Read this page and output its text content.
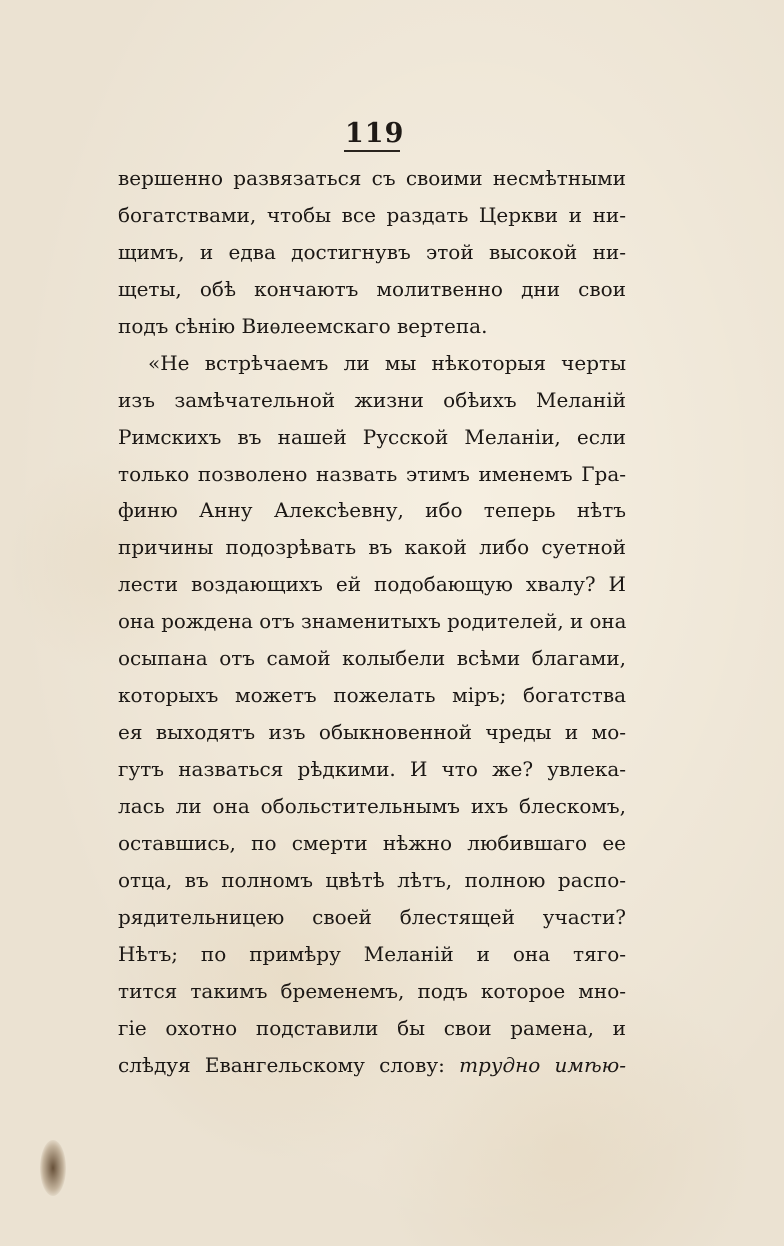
119
вершенно развязаться съ своими несмѣтными
богатствами, чтобы все раздать Церкви и ни-
щимъ, и едва достигнувъ этой высокой ни-
щеты, обѣ кончаютъ молитвенно дни свои
подъ сѣнію Виѳлеемскаго вертепа.
«Не встрѣчаемъ ли мы нѣкоторыя черты
изъ замѣчательной жизни обѣихъ Меланій
Римскихъ въ нашей Русской Меланіи, если
только позволено назвать этимъ именемъ Гра-
финю Анну Алексѣевну, ибо теперь нѣтъ
причины подозрѣвать въ какой либо суетной
лести воздающихъ ей подобающую хвалу? И
она рождена отъ знаменитыхъ родителей, и она
осыпана отъ самой колыбели всѣми благами,
которыхъ можетъ пожелать міръ; богатства
ея выходятъ изъ обыкновенной чреды и мо-
гутъ назваться рѣдкими. И что же? увлека-
лась ли она обольстительнымъ ихъ блескомъ,
оставшись, по смерти нѣжно любившаго ее
отца, въ полномъ цвѣтѣ лѣтъ, полною распо-
рядительницею своей блестящей участи?
Нѣтъ; по примѣру Меланій и она тяго-
тится такимъ бременемъ, подъ которое мно-
гіе охотно подставили бы свои рамена, и
слѣдуя Евангельскому слову: трудно имѣю-
